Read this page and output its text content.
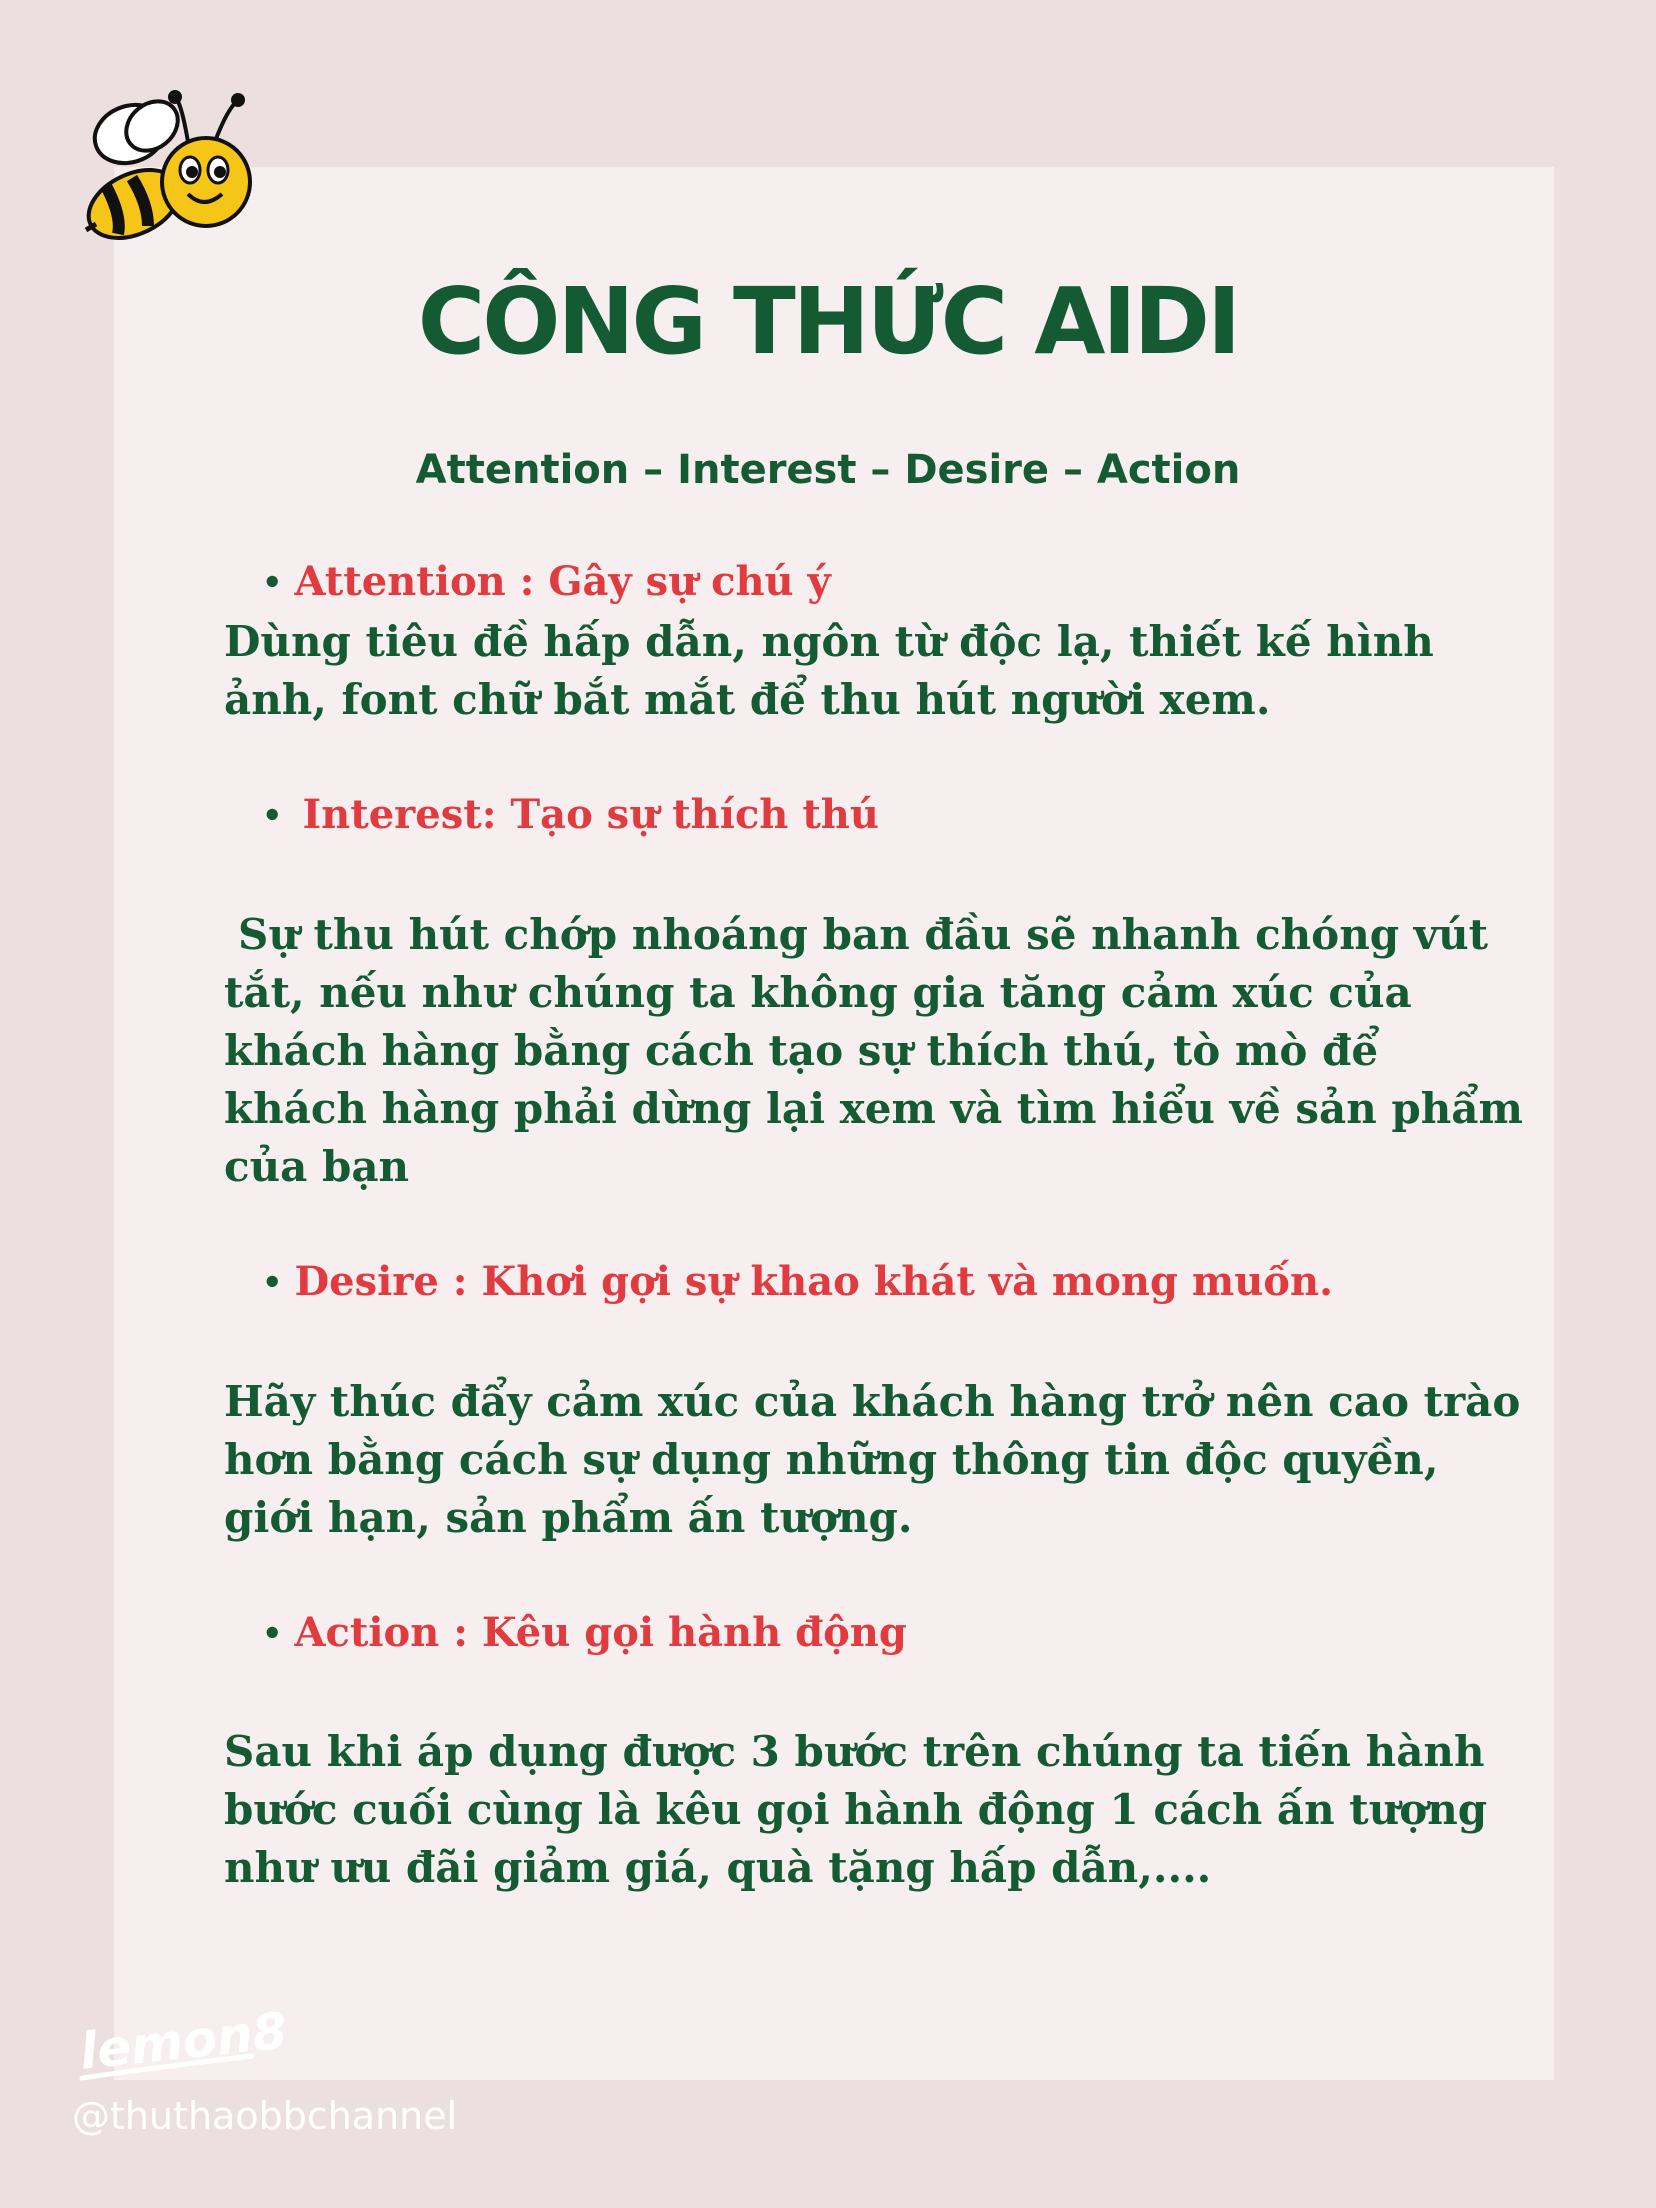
CÔNG THỨC AIDI

Attention – Interest – Desire – Action

• Attention : Gây sự chú ý

Dùng tiêu đề hấp dẫn, ngôn từ độc lạ, thiết kế hình ảnh, font chữ bắt mắt để thu hút người xem.

• Interest: Tạo sự thích thú

Sự thu hút chớp nhoáng ban đầu sẽ nhanh chóng vút tắt, nếu như chúng ta không gia tăng cảm xúc của khách hàng bằng cách tạo sự thích thú, tò mò để khách hàng phải dừng lại xem và tìm hiểu về sản phẩm của bạn

• Desire : Khơi gợi sự khao khát và mong muốn.

Hãy thúc đẩy cảm xúc của khách hàng trở nên cao trào hơn bằng cách sự dụng những thông tin độc quyền, giới hạn, sản phẩm ấn tượng.

• Action : Kêu gọi hành động

Sau khi áp dụng được 3 bước trên chúng ta tiến hành bước cuối cùng là kêu gọi hành động 1 cách ấn tượng như ưu đãi giảm giá, quà tặng hấp dẫn,....

lemon8

@thuthaobbchannel
